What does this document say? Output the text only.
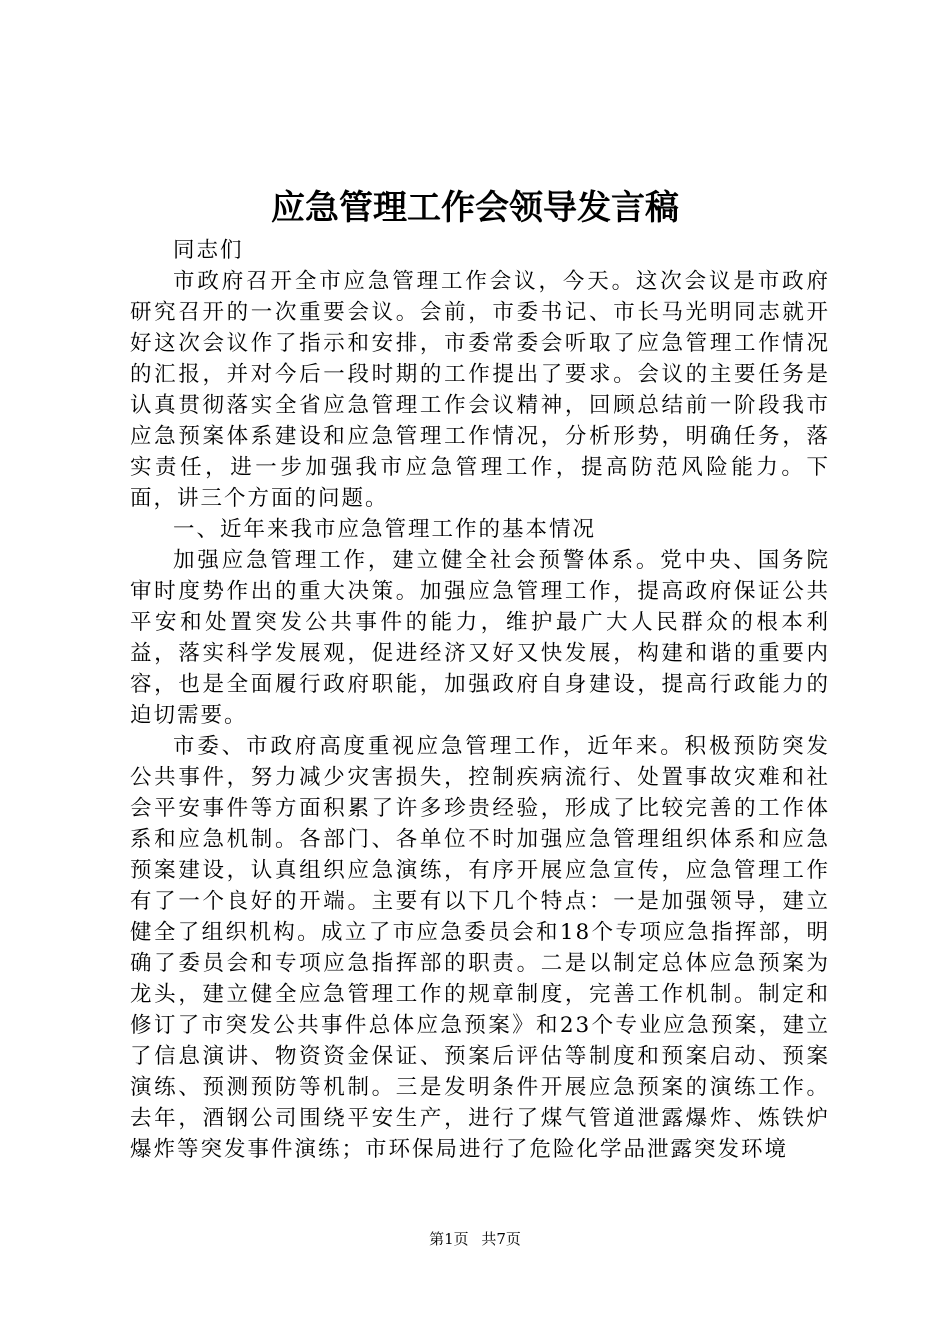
应急管理工作会领导发言稿

同志们

市政府召开全市应急管理工作会议，今天。这次会议是市政府研究召开的一次重要会议。会前，市委书记、市长马光明同志就开好这次会议作了指示和安排，市委常委会听取了应急管理工作情况的汇报，并对今后一段时期的工作提出了要求。会议的主要任务是认真贯彻落实全省应急管理工作会议精神，回顾总结前一阶段我市应急预案体系建设和应急管理工作情况，分析形势，明确任务，落实责任，进一步加强我市应急管理工作，提高防范风险能力。下面，讲三个方面的问题。

一、近年来我市应急管理工作的基本情况

加强应急管理工作，建立健全社会预警体系。党中央、国务院审时度势作出的重大决策。加强应急管理工作，提高政府保证公共平安和处置突发公共事件的能力，维护最广大人民群众的根本利益，落实科学发展观，促进经济又好又快发展，构建和谐的重要内容，也是全面履行政府职能，加强政府自身建设，提高行政能力的迫切需要。

市委、市政府高度重视应急管理工作，近年来。积极预防突发公共事件，努力减少灾害损失，控制疾病流行、处置事故灾难和社会平安事件等方面积累了许多珍贵经验，形成了比较完善的工作体系和应急机制。各部门、各单位不时加强应急管理组织体系和应急预案建设，认真组织应急演练，有序开展应急宣传，应急管理工作有了一个良好的开端。主要有以下几个特点：一是加强领导，建立健全了组织机构。成立了市应急委员会和18个专项应急指挥部，明确了委员会和专项应急指挥部的职责。二是以制定总体应急预案为龙头，建立健全应急管理工作的规章制度，完善工作机制。制定和修订了市突发公共事件总体应急预案》和23个专业应急预案，建立了信息演讲、物资资金保证、预案后评估等制度和预案启动、预案演练、预测预防等机制。三是发明条件开展应急预案的演练工作。去年，酒钢公司围绕平安生产，进行了煤气管道泄露爆炸、炼铁炉爆炸等突发事件演练；市环保局进行了危险化学品泄露突发环境

第1页 共7页
